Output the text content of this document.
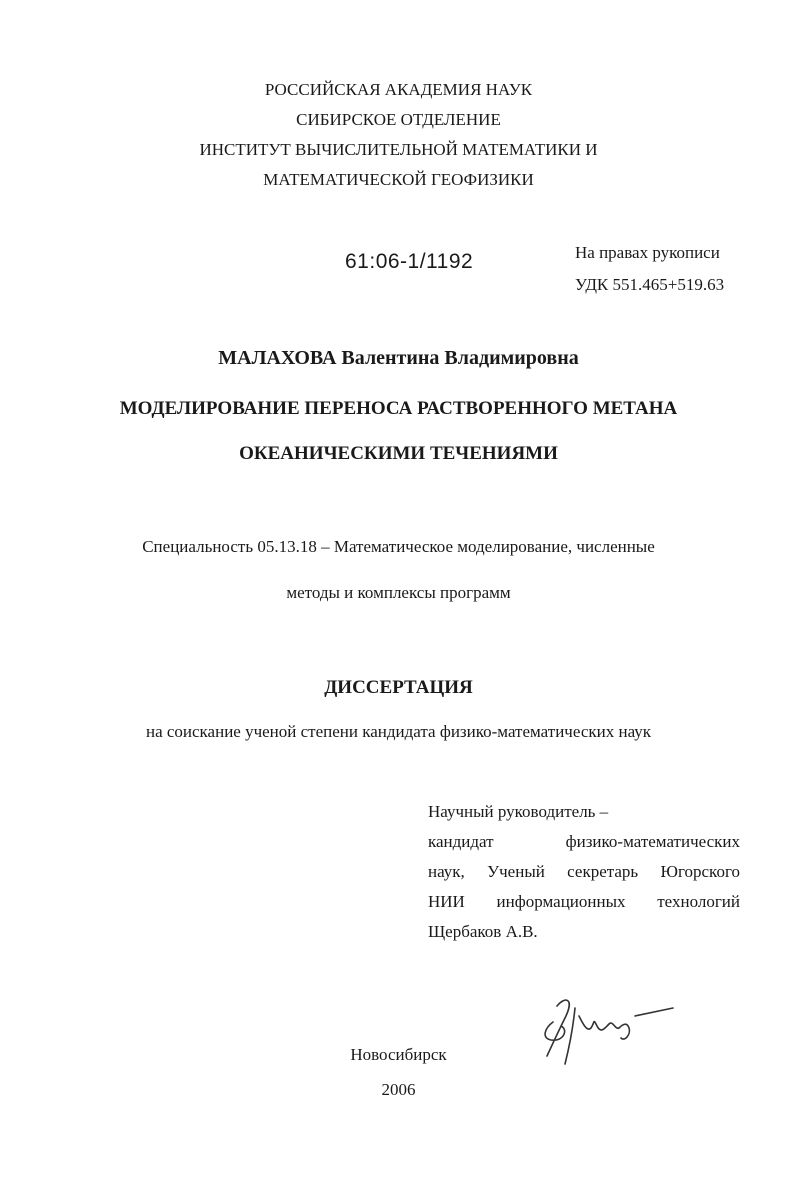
РОССИЙСКАЯ АКАДЕМИЯ НАУК
СИБИРСКОЕ ОТДЕЛЕНИЕ
ИНСТИТУТ ВЫЧИСЛИТЕЛЬНОЙ МАТЕМАТИКИ И
МАТЕМАТИЧЕСКОЙ ГЕОФИЗИКИ
61:06-1/1192	На правах рукописи
УДК 551.465+519.63
МАЛАХОВА Валентина Владимировна
МОДЕЛИРОВАНИЕ ПЕРЕНОСА РАСТВОРЕННОГО МЕТАНА
ОКЕАНИЧЕСКИМИ ТЕЧЕНИЯМИ
Специальность 05.13.18 – Математическое моделирование, численные
методы и комплексы программ
ДИССЕРТАЦИЯ
на соискание ученой степени кандидата физико-математических наук
Научный руководитель –
кандидат физико-математических
наук, Ученый секретарь Югорского
НИИ информационных технологий
Щербаков А.В.
Новосибирск
2006
